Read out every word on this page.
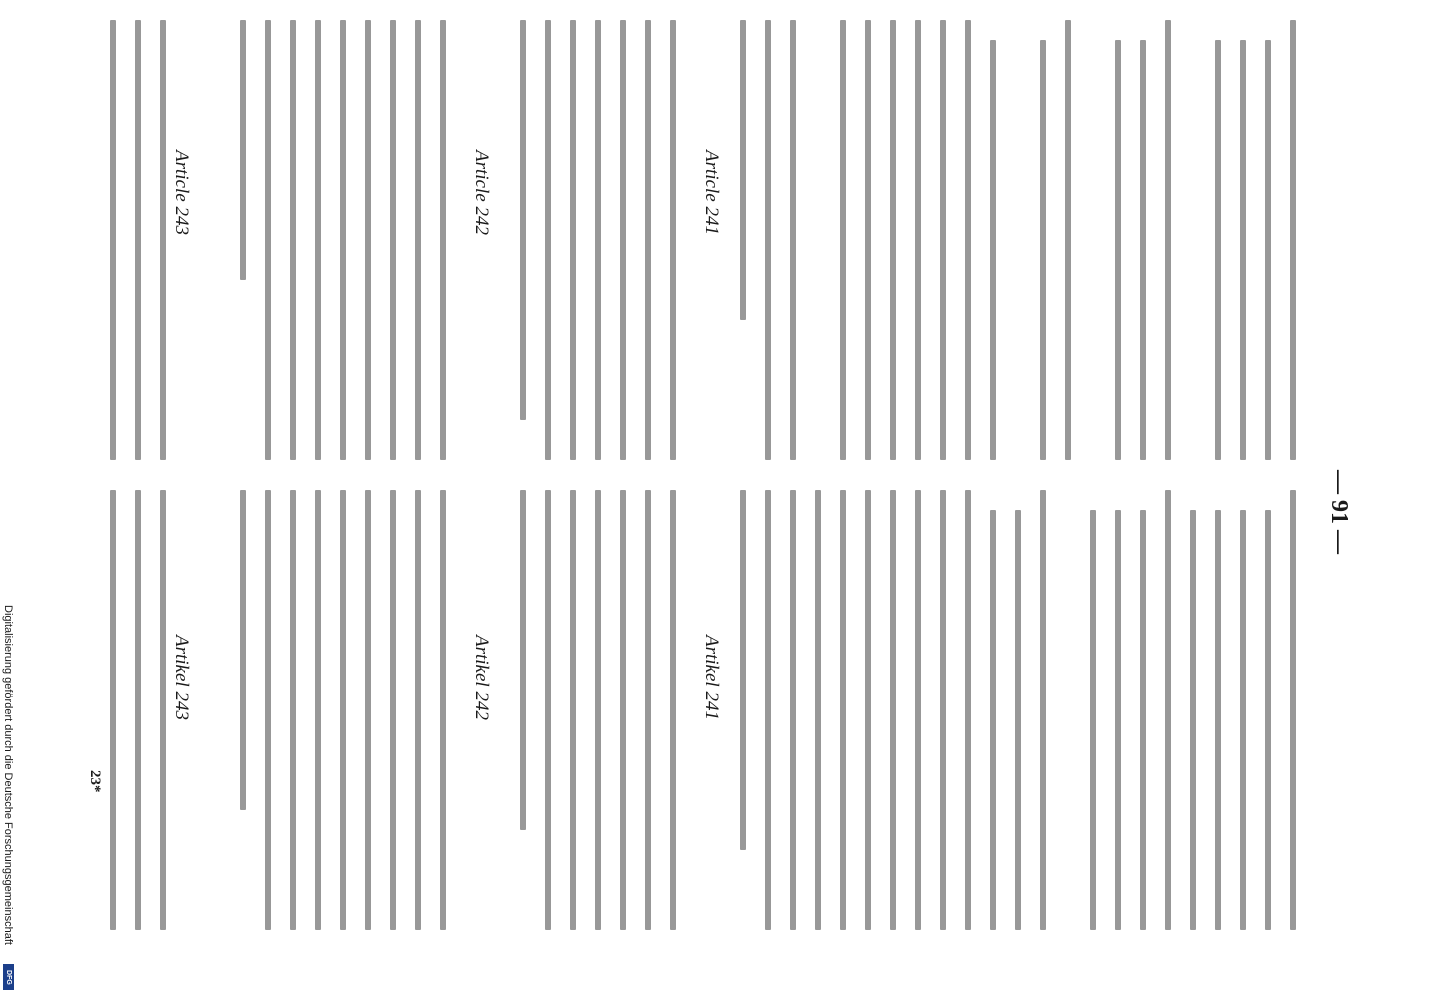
— 91 —
Article 241
Article 242
Article 243
Artikel 241
Artikel 242
Artikel 243
23*
Digitalisierung gefördert durch die Deutsche Forschungsgemeinschaft
DFG
